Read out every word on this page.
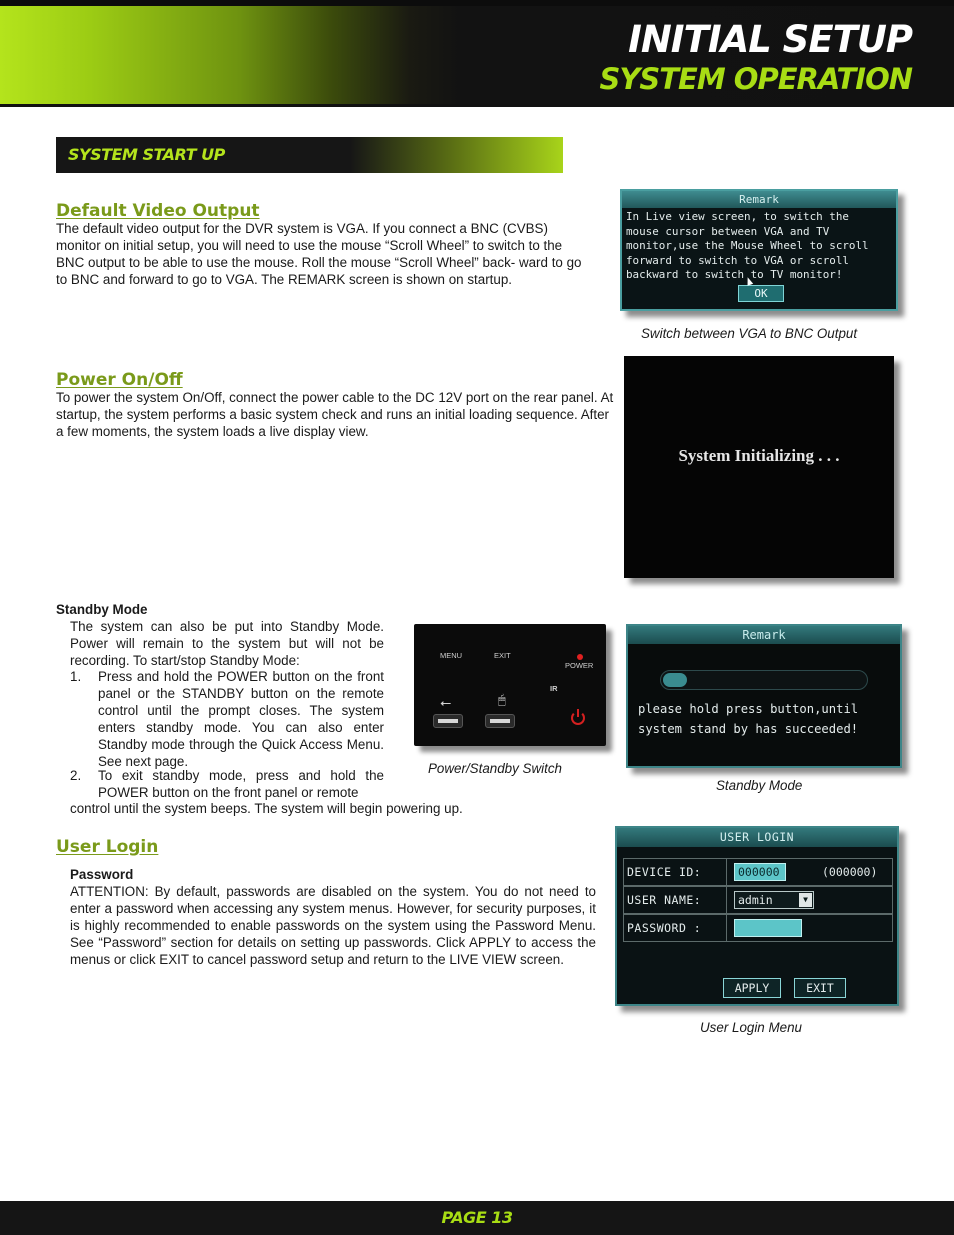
INITIAL SETUP
SYSTEM OPERATION
SYSTEM START UP
Default Video Output
The default video output for the DVR system is VGA. If you connect a BNC (CVBS) monitor on initial setup, you will need to use the mouse “Scroll Wheel” to switch to the BNC output to be able to use the mouse. Roll the mouse “Scroll Wheel” back- ward to go to BNC and forward to go to VGA. The REMARK screen is shown on startup.
Remark
In Live view screen, to switch the
mouse cursor between VGA and TV
monitor,use the Mouse Wheel to scroll
forward to switch to VGA or scroll
backward to switch to TV monitor!
OK
Switch between VGA to BNC Output
Power On/Off
To power the system On/Off, connect the power cable to the DC 12V port on the rear panel. At startup, the system performs a basic system check and runs an initial loading sequence. After a few moments, the system loads a live display view.
System Initializing . . .
Standby Mode
The system can also be put into Standby Mode. Power will remain to the system but will not be recording. To start/stop Standby Mode:
1. Press and hold the POWER button on the front panel or the STANDBY button on the remote control until the prompt closes. The system enters standby mode. You can also enter Standby mode through the Quick Access Menu. See next page.
2. To exit standby mode, press and hold the POWER button on the front panel or remote
control until the system beeps. The system will begin powering up.
MENU	EXIT
POWER
IR
⭠	🖱
Power/Standby Switch
Remark
please hold press button,until
system stand by has succeeded!
Standby Mode
User Login
Password
ATTENTION: By default, passwords are disabled on the system. You do not need to enter a password when accessing any system menus. However, for security purposes, it is highly recommended to enable passwords on the system using the Password Menu. See “Password” section for details on setting up passwords. Click APPLY to access the menus or click EXIT to cancel password setup and return to the LIVE VIEW screen.
USER LOGIN
DEVICE ID:	000000	(000000)
USER NAME:	admin	▼
PASSWORD :
APPLY	EXIT
User Login Menu
PAGE 13
